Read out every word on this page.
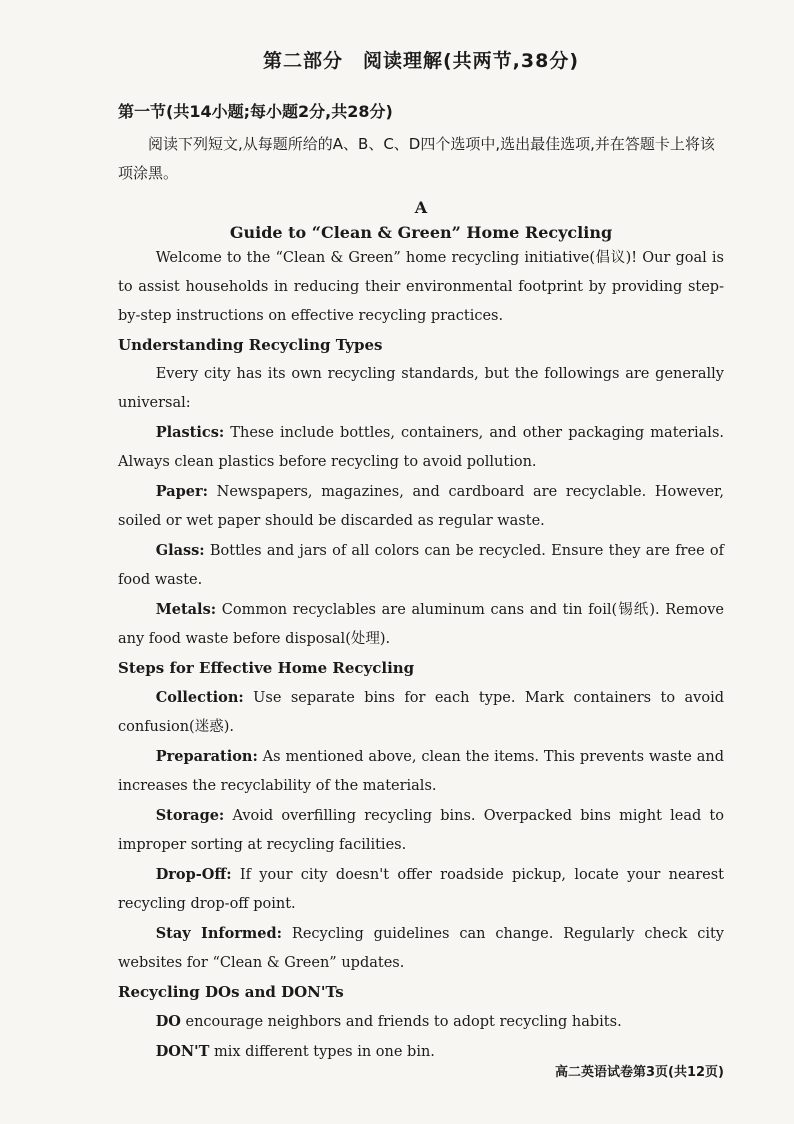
第二部分　阅读理解(共两节,38分)
第一节(共14小题;每小题2分,共28分)

阅读下列短文,从每题所给的A、B、C、D四个选项中,选出最佳选项,并在答题卡上将该项涂黑。

A
Guide to “Clean & Green” Home Recycling

Welcome to the “Clean & Green” home recycling initiative(倡议)! Our goal is to assist households in reducing their environmental footprint by providing step-by-step instructions on effective recycling practices.

Understanding Recycling Types

Every city has its own recycling standards, but the followings are generally universal:

Plastics: These include bottles, containers, and other packaging materials. Always clean plastics before recycling to avoid pollution.

Paper: Newspapers, magazines, and cardboard are recyclable. However, soiled or wet paper should be discarded as regular waste.

Glass: Bottles and jars of all colors can be recycled. Ensure they are free of food waste.

Metals: Common recyclables are aluminum cans and tin foil(锡纸). Remove any food waste before disposal(处理).

Steps for Effective Home Recycling

Collection: Use separate bins for each type. Mark containers to avoid confusion(迷惑).

Preparation: As mentioned above, clean the items. This prevents waste and increases the recyclability of the materials.

Storage: Avoid overfilling recycling bins. Overpacked bins might lead to improper sorting at recycling facilities.

Drop-Off: If your city doesn't offer roadside pickup, locate your nearest recycling drop-off point.

Stay Informed: Recycling guidelines can change. Regularly check city websites for “Clean & Green” updates.

Recycling DOs and DON'Ts

DO encourage neighbors and friends to adopt recycling habits.

DON'T mix different types in one bin.

高二英语试卷第3页(共12页)
